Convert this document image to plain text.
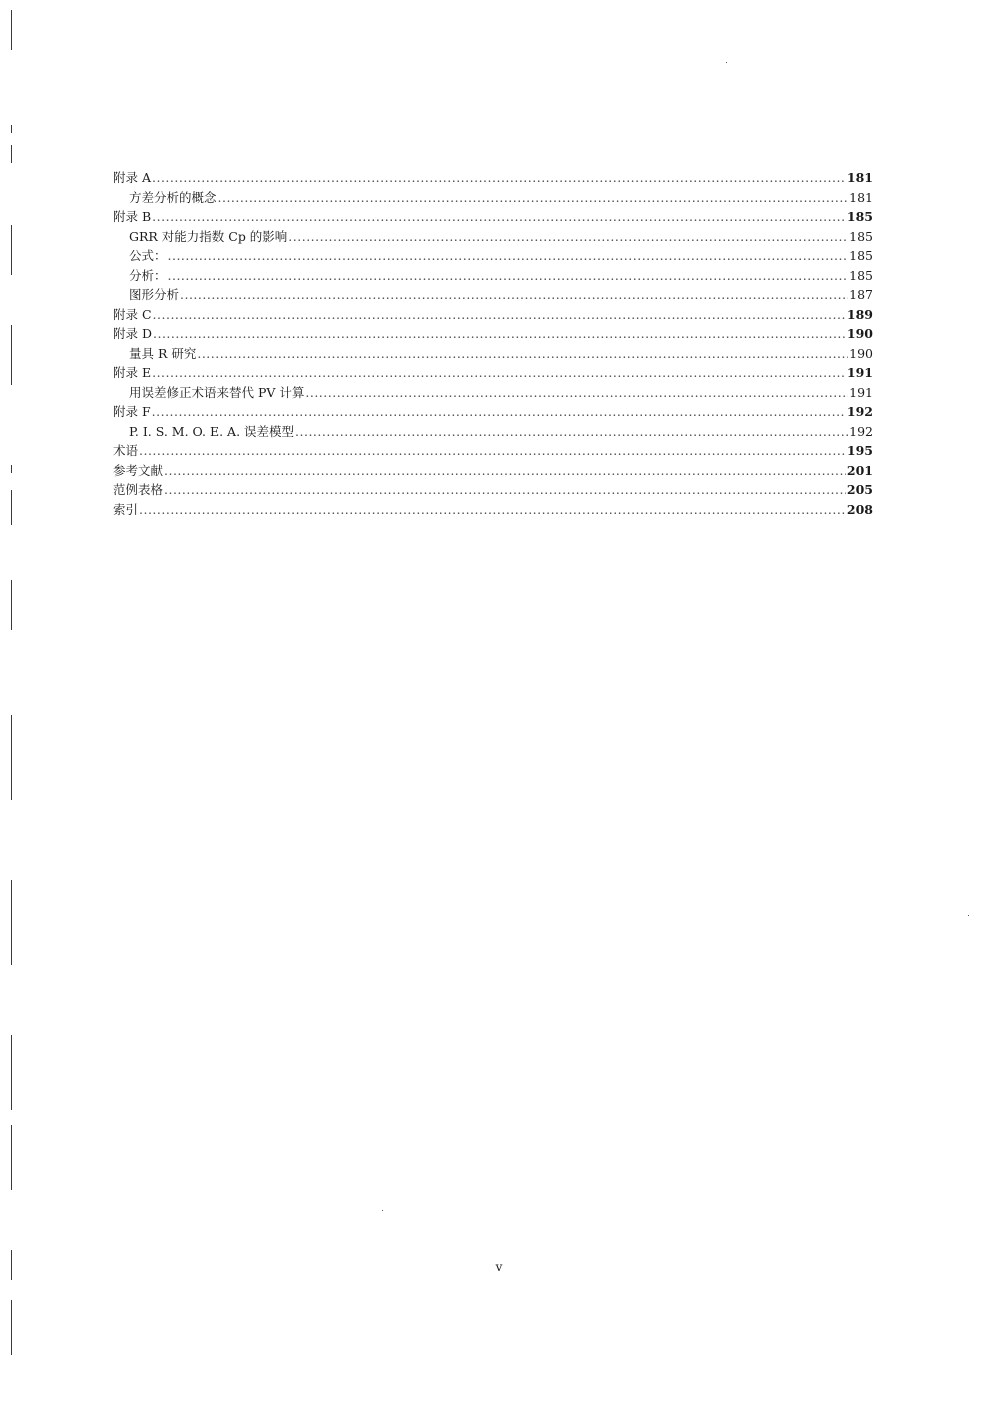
附录 A .....	181
方差分析的概念 .....	181
附录 B .....	185
GRR 对能力指数 Cp 的影响 .....	185
公式： .....	185
分析： .....	185
图形分析 .....	187
附录 C .....	189
附录 D .....	190
量具 R 研究 .....	190
附录 E .....	191
用误差修正术语来替代 PV 计算 .....	191
附录 F .....	192
P. I. S. M. O. E. A. 误差模型 .....	192
术语 .....	195
参考文献 .....	201
范例表格 .....	205
索引 .....	208
v
